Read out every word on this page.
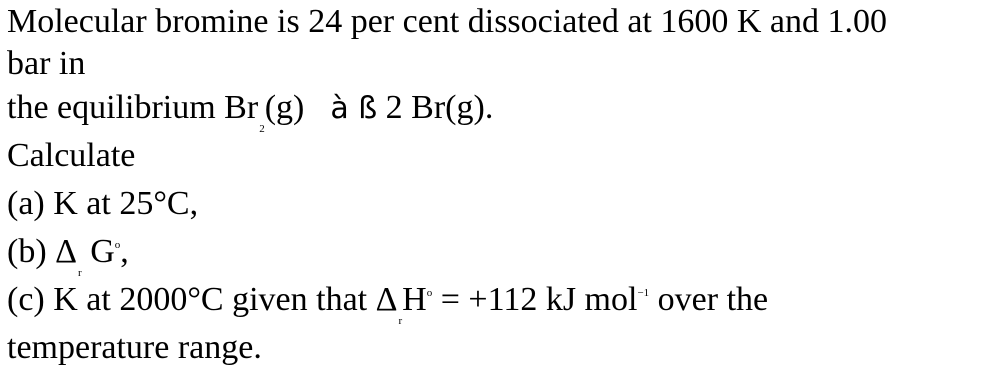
Molecular bromine is 24 per cent dissociated at 1600 K and 1.00
bar in
the equilibrium $Br_2(g)$ à ß 2 Br(g).
Calculate
(a) K at 25°C,
(b) $\Delta_r$ $G^o$,
(c) K at 2000°C given that $\Delta_rH^o = +112$ kJ mol$^{-1}$ over the
temperature range.
